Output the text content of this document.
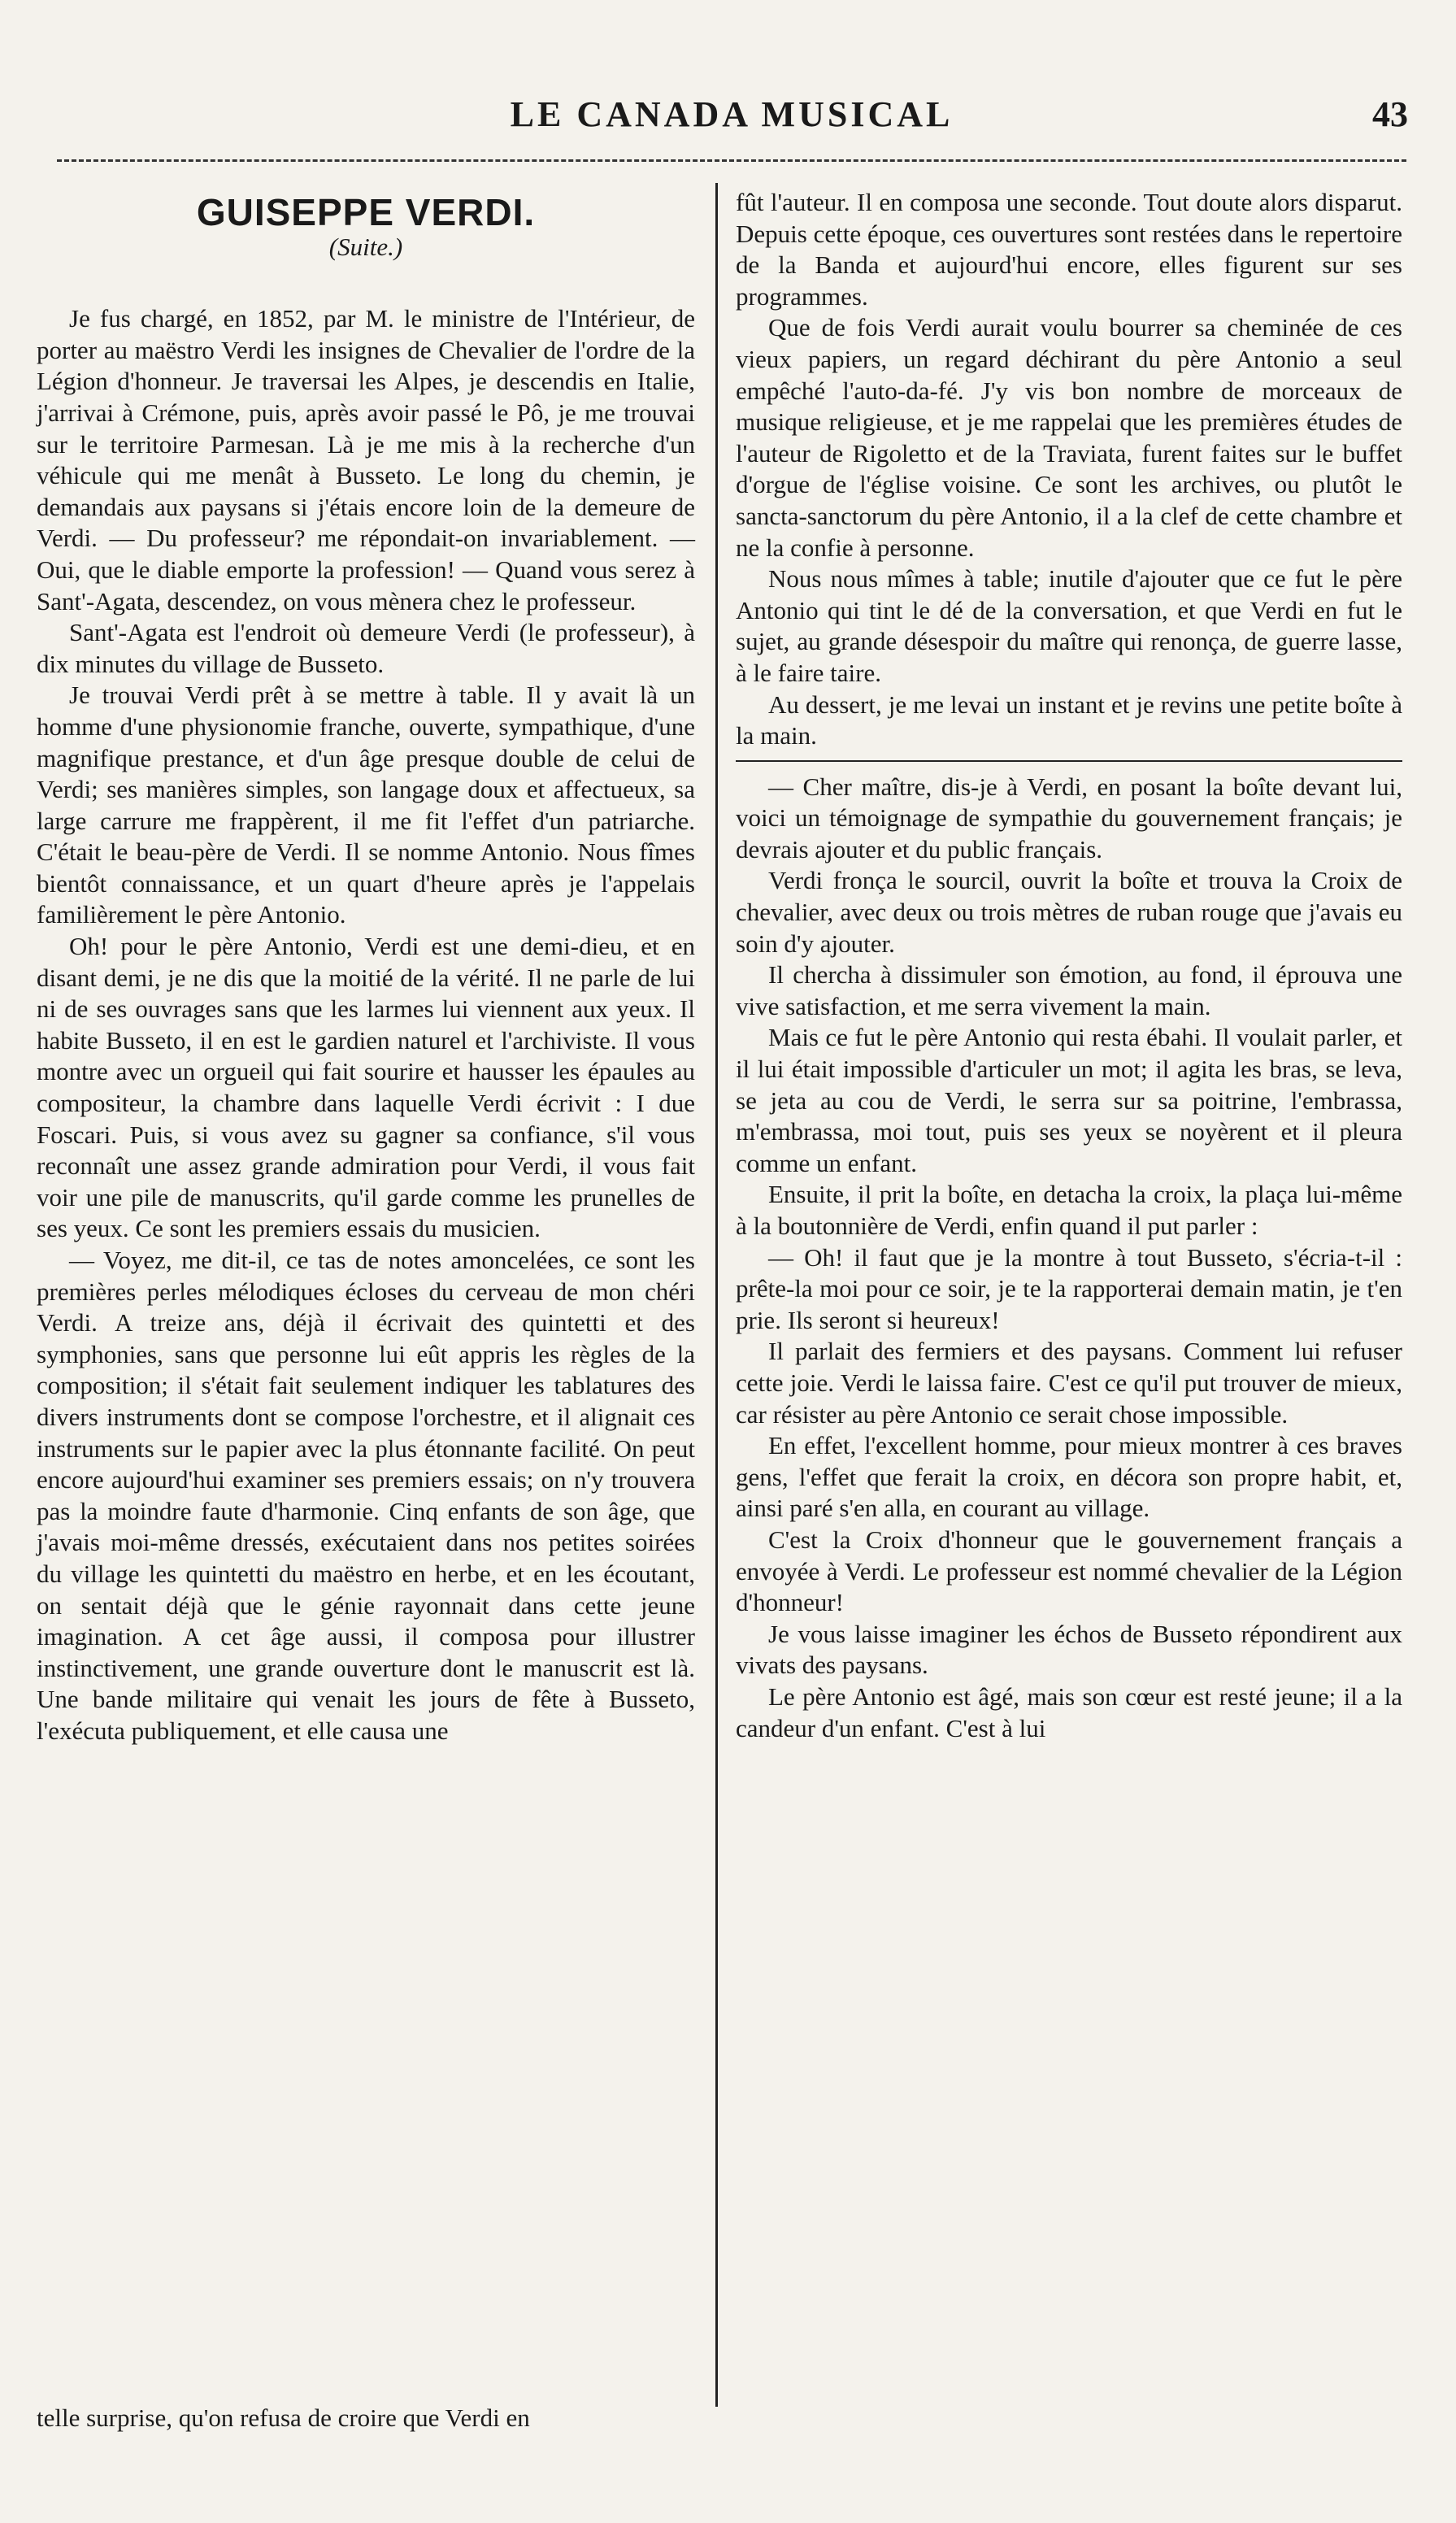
LE CANADA MUSICAL	43
GUISEPPE VERDI.
(Suite.)

Je fus chargé, en 1852, par M. le ministre de l'Intérieur, de porter au maëstro Verdi les insignes de Chevalier de l'ordre de la Légion d'honneur. Je traversai les Alpes, je descendis en Italie, j'arrivai à Crémone, puis, après avoir passé le Pô, je me trouvai sur le territoire Parmesan. Là je me mis à la recherche d'un véhicule qui me menât à Busseto. Le long du chemin, je demandais aux paysans si j'étais encore loin de la demeure de Verdi. — Du professeur? me répondait-on invariablement. — Oui, que le diable emporte la profession! — Quand vous serez à Sant'-Agata, descendez, on vous mènera chez le professeur.

Sant'-Agata est l'endroit où demeure Verdi (le professeur), à dix minutes du village de Busseto.

Je trouvai Verdi prêt à se mettre à table. Il y avait là un homme d'une physionomie franche, ouverte, sympathique, d'une magnifique prestance, et d'un âge presque double de celui de Verdi; ses manières simples, son langage doux et affectueux, sa large carrure me frappèrent, il me fit l'effet d'un patriarche. C'était le beau-père de Verdi. Il se nomme Antonio. Nous fîmes bientôt connaissance, et un quart d'heure après je l'appelais familièrement le père Antonio.

Oh! pour le père Antonio, Verdi est une demi-dieu, et en disant demi, je ne dis que la moitié de la vérité. Il ne parle de lui ni de ses ouvrages sans que les larmes lui viennent aux yeux. Il habite Busseto, il en est le gardien naturel et l'archiviste. Il vous montre avec un orgueil qui fait sourire et hausser les épaules au compositeur, la chambre dans laquelle Verdi écrivit : I due Foscari. Puis, si vous avez su gagner sa confiance, s'il vous reconnaît une assez grande admiration pour Verdi, il vous fait voir une pile de manuscrits, qu'il garde comme les prunelles de ses yeux. Ce sont les premiers essais du musicien.

— Voyez, me dit-il, ce tas de notes amoncelées, ce sont les premières perles mélodiques écloses du cerveau de mon chéri Verdi. A treize ans, déjà il écrivait des quintetti et des symphonies, sans que personne lui eût appris les règles de la composition; il s'était fait seulement indiquer les tablatures des divers instruments dont se compose l'orchestre, et il alignait ces instruments sur le papier avec la plus étonnante facilité. On peut encore aujourd'hui examiner ses premiers essais; on n'y trouvera pas la moindre faute d'harmonie. Cinq enfants de son âge, que j'avais moi-même dressés, exécutaient dans nos petites soirées du village les quintetti du maëstro en herbe, et en les écoutant, on sentait déjà que le génie rayonnait dans cette jeune imagination. A cet âge aussi, il composa pour illustrer instinctivement, une grande ouverture dont le manuscrit est là. Une bande militaire qui venait les jours de fête à Busseto, l'exécuta publiquement, et elle causa une

fût l'auteur. Il en composa une seconde. Tout doute alors disparut. Depuis cette époque, ces ouvertures sont restées dans le repertoire de la Banda et aujourd'hui encore, elles figurent sur ses programmes.

Que de fois Verdi aurait voulu bourrer sa cheminée de ces vieux papiers, un regard déchirant du père Antonio a seul empêché l'auto-da-fé. J'y vis bon nombre de morceaux de musique religieuse, et je me rappelai que les premières études de l'auteur de Rigoletto et de la Traviata, furent faites sur le buffet d'orgue de l'église voisine. Ce sont les archives, ou plutôt le sancta-sanctorum du père Antonio, il a la clef de cette chambre et ne la confie à personne.

Nous nous mîmes à table; inutile d'ajouter que ce fut le père Antonio qui tint le dé de la conversation, et que Verdi en fut le sujet, au grande désespoir du maître qui renonça, de guerre lasse, à le faire taire.

Au dessert, je me levai un instant et je revins une petite boîte à la main.

— Cher maître, dis-je à Verdi, en posant la boîte devant lui, voici un témoignage de sympathie du gouvernement français; je devrais ajouter et du public français.

Verdi fronça le sourcil, ouvrit la boîte et trouva la Croix de chevalier, avec deux ou trois mètres de ruban rouge que j'avais eu soin d'y ajouter.

Il chercha à dissimuler son émotion, au fond, il éprouva une vive satisfaction, et me serra vivement la main.

Mais ce fut le père Antonio qui resta ébahi. Il voulait parler, et il lui était impossible d'articuler un mot; il agita les bras, se leva, se jeta au cou de Verdi, le serra sur sa poitrine, l'embrassa, m'embrassa, moi tout, puis ses yeux se noyèrent et il pleura comme un enfant.

Ensuite, il prit la boîte, en detacha la croix, la plaça lui-même à la boutonnière de Verdi, enfin quand il put parler :

— Oh! il faut que je la montre à tout Busseto, s'écria-t-il : prête-la moi pour ce soir, je te la rapporterai demain matin, je t'en prie. Ils seront si heureux!

Il parlait des fermiers et des paysans. Comment lui refuser cette joie. Verdi le laissa faire. C'est ce qu'il put trouver de mieux, car résister au père Antonio ce serait chose impossible.

En effet, l'excellent homme, pour mieux montrer à ces braves gens, l'effet que ferait la croix, en décora son propre habit, et, ainsi paré s'en alla, en courant au village.

C'est la Croix d'honneur que le gouvernement français a envoyée à Verdi. Le professeur est nommé chevalier de la Légion d'honneur!

Je vous laisse imaginer les échos de Busseto répondirent aux vivats des paysans.

Le père Antonio est âgé, mais son cœur est resté jeune; il a la candeur d'un enfant. C'est à lui

telle surprise, qu'on refusa de croire que Verdi en
